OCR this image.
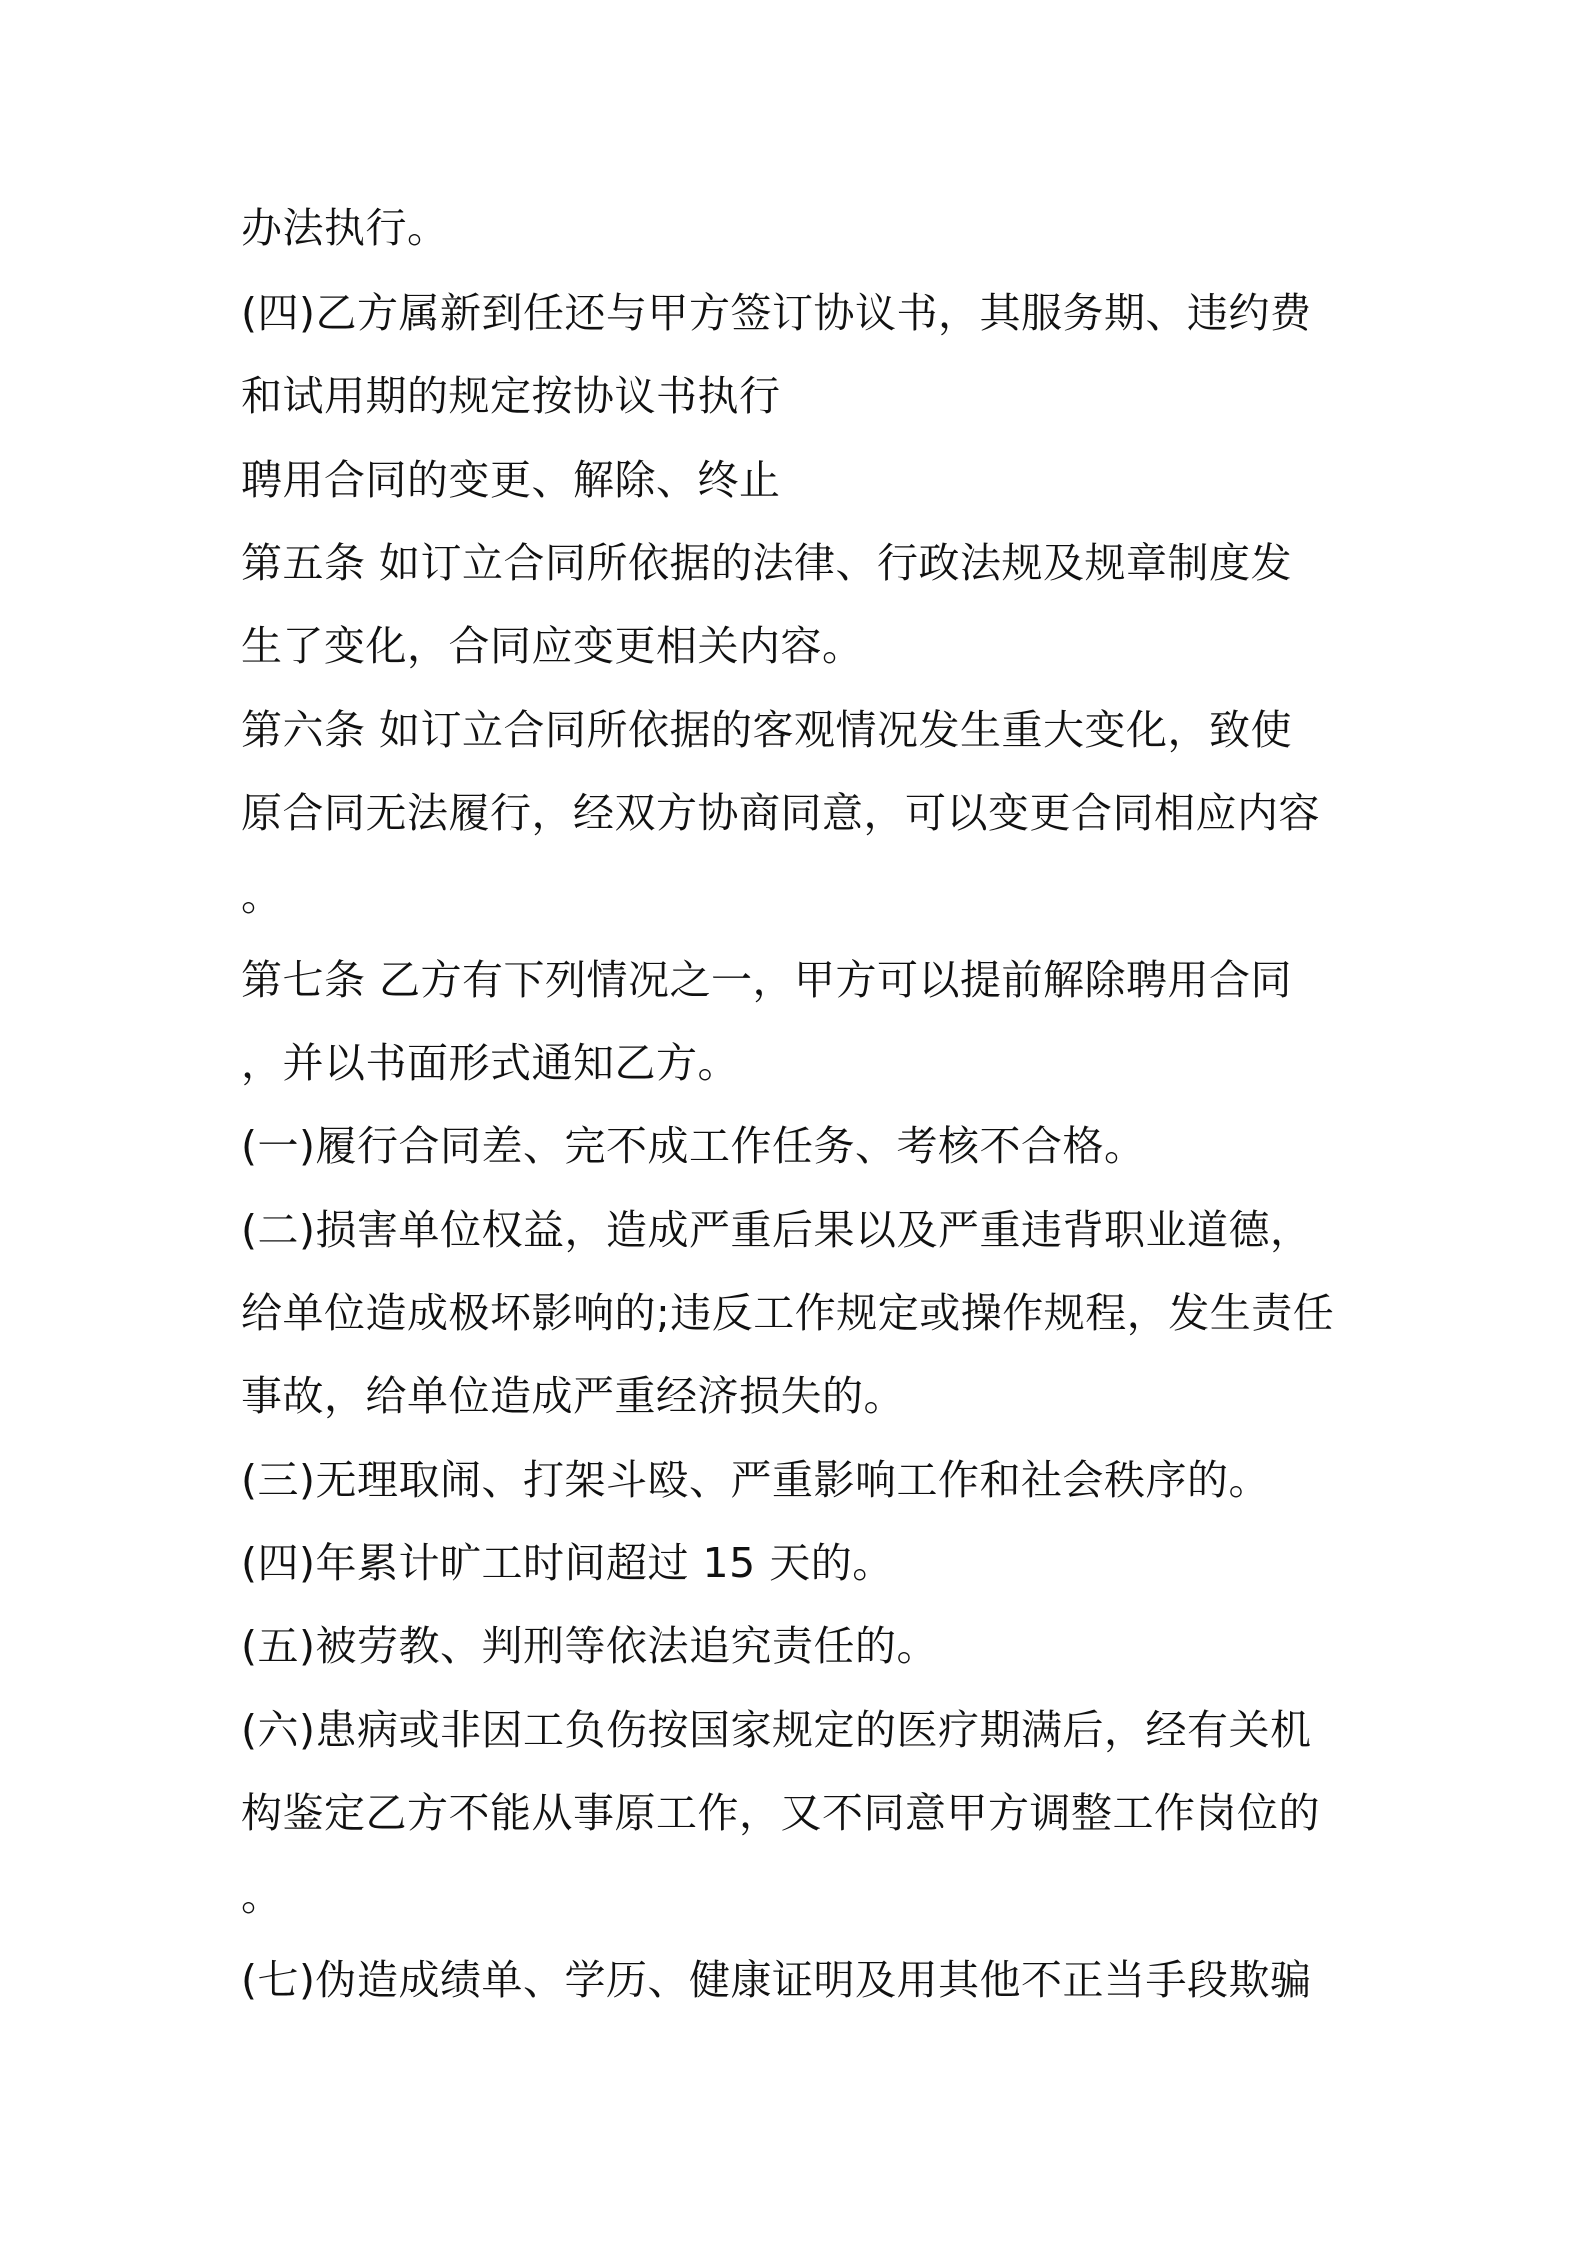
办法执行。
(四)乙方属新到任还与甲方签订协议书，其服务期、违约费
和试用期的规定按协议书执行
聘用合同的变更、解除、终止
第五条 如订立合同所依据的法律、行政法规及规章制度发
生了变化，合同应变更相关内容。
第六条 如订立合同所依据的客观情况发生重大变化，致使
原合同无法履行，经双方协商同意，可以变更合同相应内容
。
第七条 乙方有下列情况之一，甲方可以提前解除聘用合同
，并以书面形式通知乙方。
(一)履行合同差、完不成工作任务、考核不合格。
(二)损害单位权益，造成严重后果以及严重违背职业道德，
给单位造成极坏影响的;违反工作规定或操作规程，发生责任
事故，给单位造成严重经济损失的。
(三)无理取闹、打架斗殴、严重影响工作和社会秩序的。
(四)年累计旷工时间超过 15 天的。
(五)被劳教、判刑等依法追究责任的。
(六)患病或非因工负伤按国家规定的医疗期满后，经有关机
构鉴定乙方不能从事原工作，又不同意甲方调整工作岗位的
。
(七)伪造成绩单、学历、健康证明及用其他不正当手段欺骗
